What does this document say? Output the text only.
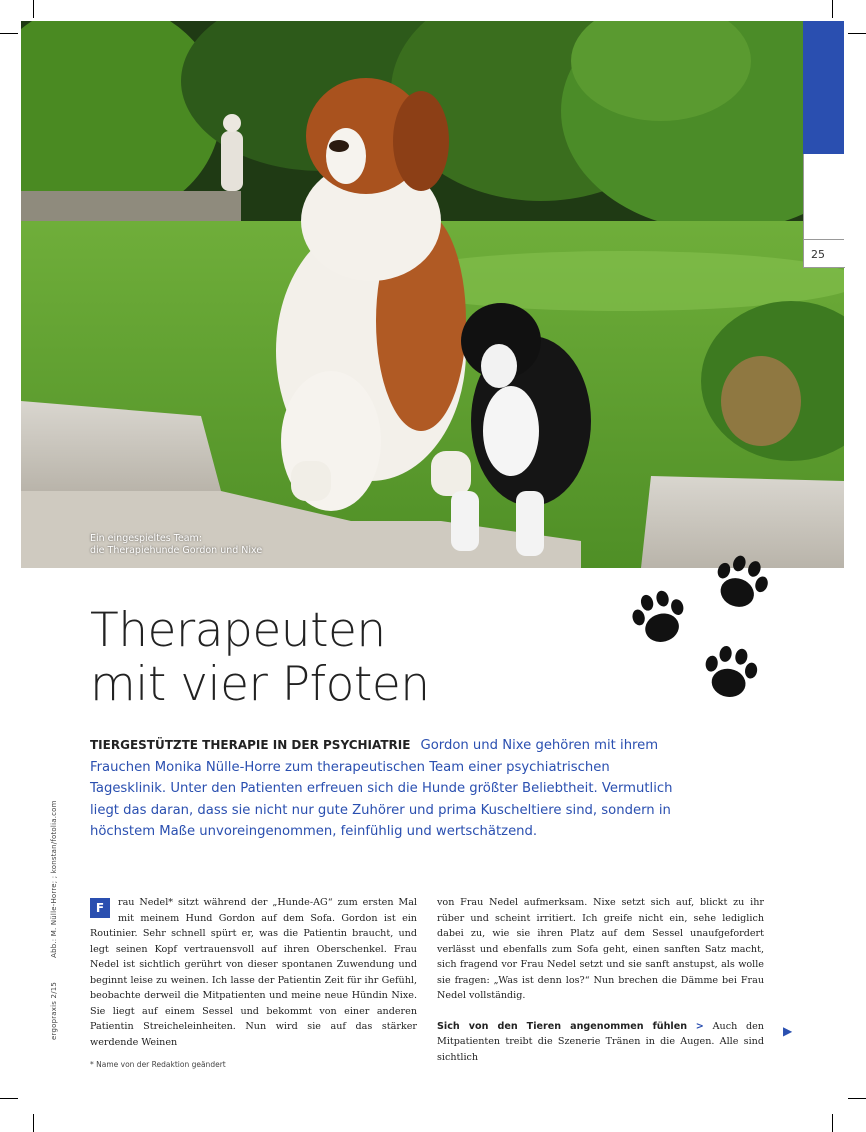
Ein eingespieltes Team:
die Therapiehunde Gordon und Nixe
25
Therapeuten
mit vier Pfoten
TIERGESTÜTZTE THERAPIE IN DER PSYCHIATRIE Gordon und Nixe gehören mit ihrem Frauchen Monika Nülle-Horre zum therapeutischen Team einer psychiatrischen Tagesklinik. Unter den Patienten erfreuen sich die Hunde größter Beliebtheit. Vermutlich liegt das daran, dass sie nicht nur gute Zuhörer und prima Kuscheltiere sind, sondern in höchstem Maße unvoreingenommen, feinfühlig und wertschätzend.
F	rau Nedel* sitzt während der „Hunde-AG“ zum ersten Mal mit meinem Hund Gordon auf dem Sofa. Gordon ist ein Routinier. Sehr schnell spürt er, was die Patientin braucht, und legt seinen Kopf vertrauensvoll auf ihren Oberschenkel. Frau Nedel ist sichtlich gerührt von dieser spontanen Zuwendung und beginnt leise zu weinen. Ich lasse der Patientin Zeit für ihr Gefühl, beobachte derweil die Mitpatienten und meine neue Hündin Nixe. Sie liegt auf einem Sessel und bekommt von einer anderen Patientin Streicheleinheiten. Nun wird sie auf das stärker werdende Weinen
von Frau Nedel aufmerksam. Nixe setzt sich auf, blickt zu ihr rüber und scheint irritiert. Ich greife nicht ein, sehe lediglich dabei zu, wie sie ihren Platz auf dem Sessel unaufgefordert verlässt und ebenfalls zum Sofa geht, einen sanften Satz macht, sich fragend vor Frau Nedel setzt und sie sanft anstupst, als wolle sie fragen: „Was ist denn los?“ Nun brechen die Dämme bei Frau Nedel vollständig.
Sich von den Tieren angenommen fühlen > Auch den Mitpatienten treibt die Szenerie Tränen in die Augen. Alle sind sichtlich
▶
* Name von der Redaktion geändert
ergopraxis 2/15Abb.: M. Nülle-Horre; ; konstan/fotolia.com
